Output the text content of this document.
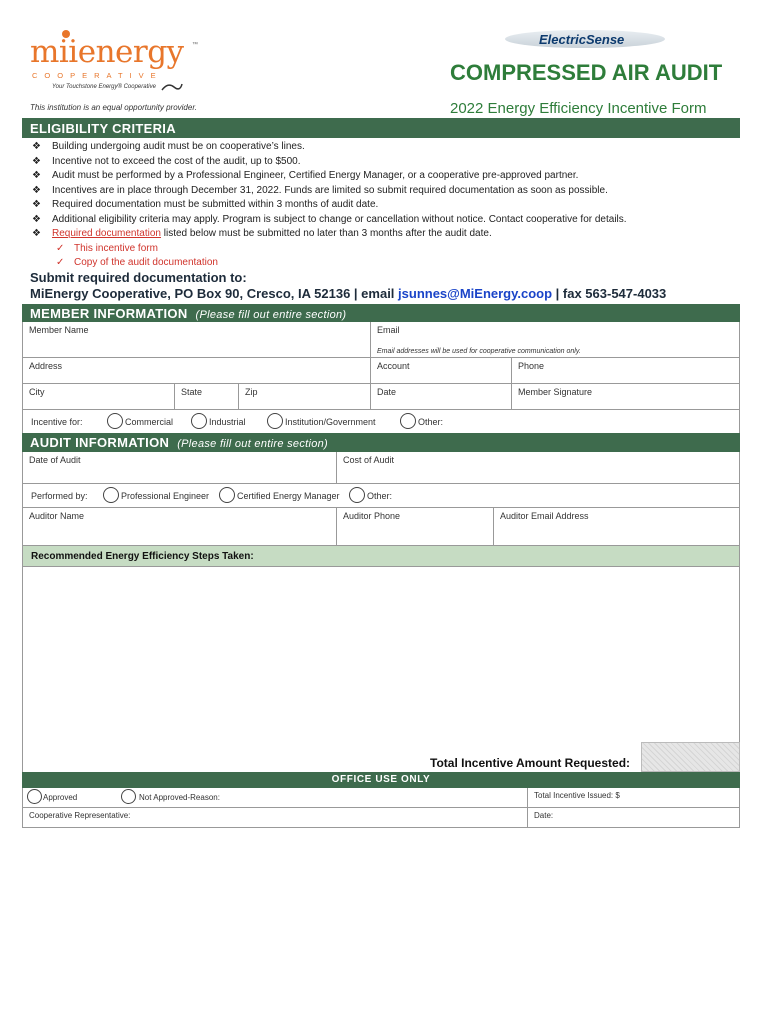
miienergy ™
COOPERATIVE
Your Touchstone Energy® Cooperative
ElectricSense
COMPRESSED AIR AUDIT
2022 Energy Efficiency Incentive Form
This institution is an equal opportunity provider.
ELIGIBILITY CRITERIA
❖ Building undergoing audit must be on cooperative’s lines.
❖ Incentive not to exceed the cost of the audit, up to $500.
❖ Audit must be performed by a Professional Engineer, Certified Energy Manager, or a cooperative pre-approved partner.
❖ Incentives are in place through December 31, 2022. Funds are limited so submit required documentation as soon as possible.
❖ Required documentation must be submitted within 3 months of audit date.
❖ Additional eligibility criteria may apply. Program is subject to change or cancellation without notice. Contact cooperative for details.
❖ Required documentation listed below must be submitted no later than 3 months after the audit date.
✓ This incentive form
✓ Copy of the audit documentation
Submit required documentation to:
MiEnergy Cooperative, PO Box 90, Cresco, IA 52136 | email jsunnes@MiEnergy.coop | fax 563-547-4033
MEMBER INFORMATION (Please fill out entire section)
Member Name	Email
Email addresses will be used for cooperative communication only.
Address	Account	Phone
City	State	Zip	Date	Member Signature
Incentive for:	Commercial	Industrial	Institution/Government	Other:
AUDIT INFORMATION (Please fill out entire section)
Date of Audit	Cost of Audit
Performed by:	Professional Engineer	Certified Energy Manager	Other:
Auditor Name	Auditor Phone	Auditor Email Address
Recommended Energy Efficiency Steps Taken:
Total Incentive Amount Requested:
OFFICE USE ONLY
Approved	Not Approved-Reason:	Total Incentive Issued: $
Cooperative Representative:	Date:
